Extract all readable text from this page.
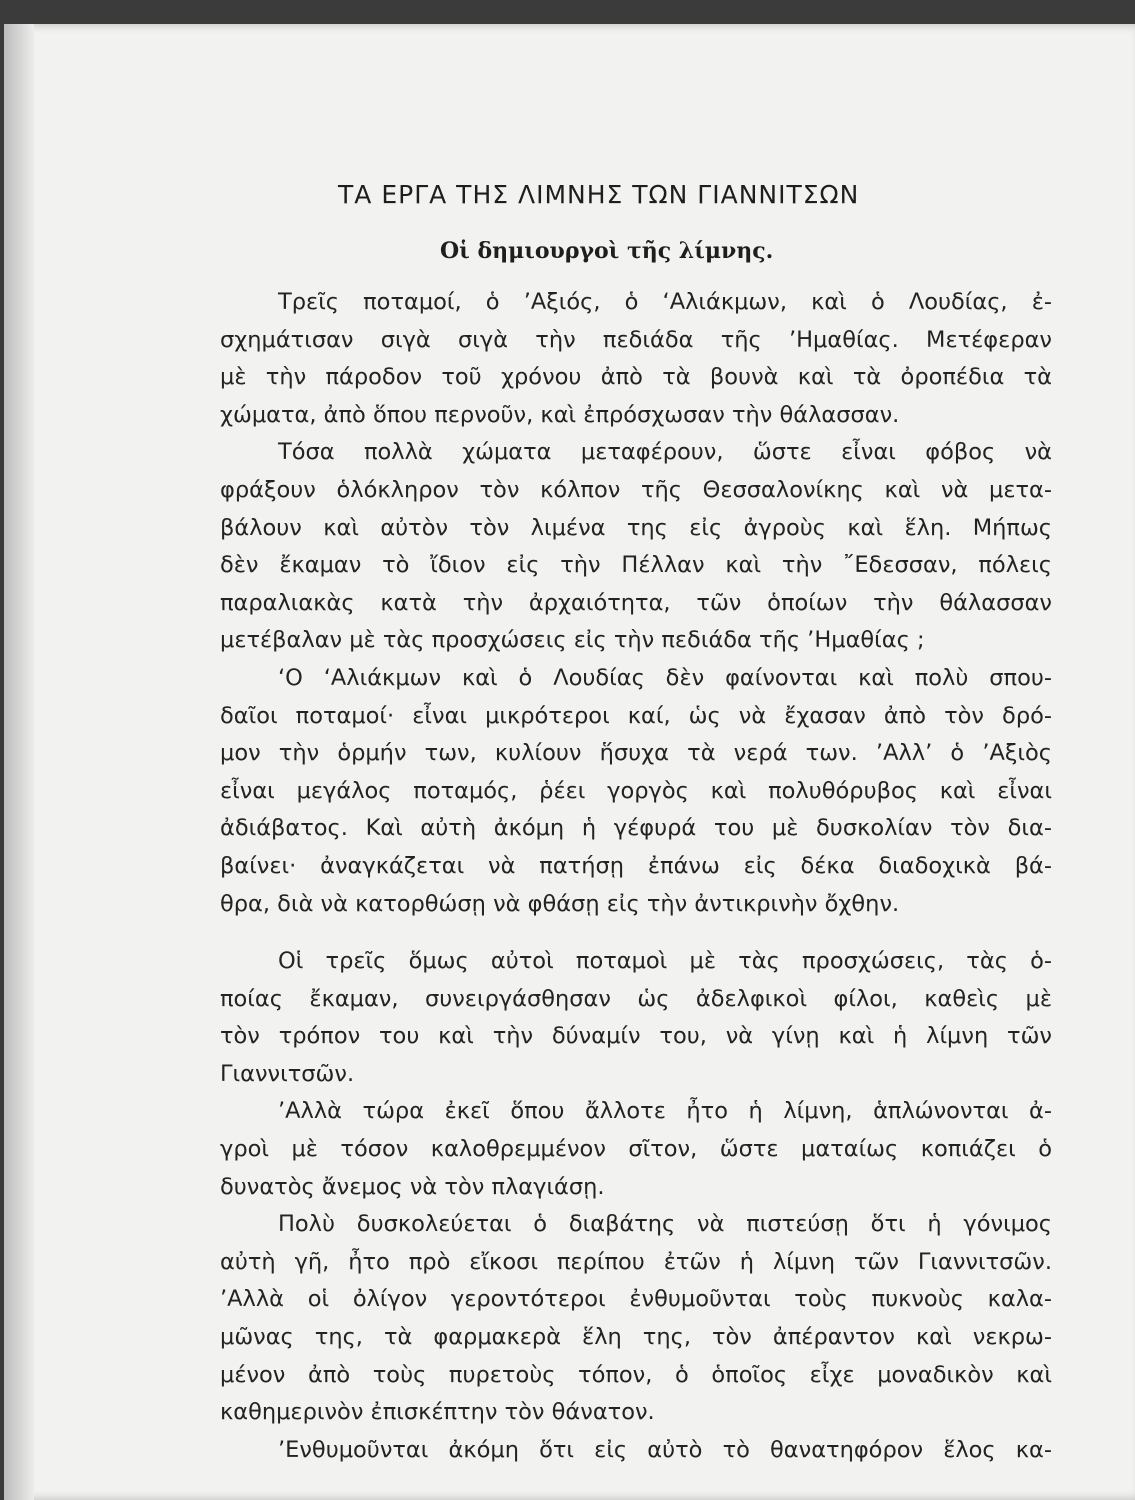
ΤΑ ΕΡΓΑ ΤΗΣ ΛΙΜΝΗΣ ΤΩΝ ΓΙΑΝΝΙΤΣΩΝ
Οἱ δημιουργοὶ τῆς λίμνης.
Τρεῖς ποταμοί, ὁ ’Αξιός, ὁ ‘Αλιάκμων, καὶ ὁ Λουδίας, ἐ-
σχημάτισαν σιγὰ σιγὰ τὴν πεδιάδα τῆς ’Ημαθίας. Μετέφεραν
μὲ τὴν πάροδον τοῦ χρόνου ἀπὸ τὰ βουνὰ καὶ τὰ ὀροπέδια τὰ
χώματα, ἀπὸ ὅπου περνοῦν, καὶ ἐπρόσχωσαν τὴν θάλασσαν.
Τόσα πολλὰ χώματα μεταφέρουν, ὥστε εἶναι φόβος νὰ
φράξουν ὁλόκληρον τὸν κόλπον τῆς Θεσσαλονίκης καὶ νὰ μετα-
βάλουν καὶ αὐτὸν τὸν λιμένα της εἰς ἀγροὺς καὶ ἕλη. Μήπως
δὲν ἔκαμαν τὸ ἴδιον εἰς τὴν Πέλλαν καὶ τὴν ῎Εδεσσαν, πόλεις
παραλιακὰς κατὰ τὴν ἀρχαιότητα, τῶν ὁποίων τὴν θάλασσαν
μετέβαλαν μὲ τὰς προσχώσεις εἰς τὴν πεδιάδα τῆς ’Ημαθίας ;
‘Ο ‘Αλιάκμων καὶ ὁ Λουδίας δὲν φαίνονται καὶ πολὺ σπου-
δαῖοι ποταμοί· εἶναι μικρότεροι καί, ὡς νὰ ἔχασαν ἀπὸ τὸν δρό-
μον τὴν ὁρμήν των, κυλίουν ἥσυχα τὰ νερά των. ’Αλλ’ ὁ ’Αξιὸς
εἶναι μεγάλος ποταμός, ῥέει γοργὸς καὶ πολυθόρυβος καὶ εἶναι
ἀδιάβατος. Καὶ αὐτὴ ἀκόμη ἡ γέφυρά του μὲ δυσκολίαν τὸν δια-
βαίνει· ἀναγκάζεται νὰ πατήσῃ ἐπάνω εἰς δέκα διαδοχικὰ βά-
θρα, διὰ νὰ κατορθώσῃ νὰ φθάσῃ εἰς τὴν ἀντικρινὴν ὄχθην.
Οἱ τρεῖς ὅμως αὐτοὶ ποταμοὶ μὲ τὰς προσχώσεις, τὰς ὁ-
ποίας ἔκαμαν, συνειργάσθησαν ὡς ἀδελφικοὶ φίλοι, καθεὶς μὲ
τὸν τρόπον του καὶ τὴν δύναμίν του, νὰ γίνῃ καὶ ἡ λίμνη τῶν
Γιαννιτσῶν.
’Αλλὰ τώρα ἐκεῖ ὅπου ἄλλοτε ἦτο ἡ λίμνη, ἁπλώνονται ἀ-
γροὶ μὲ τόσον καλοθρεμμένον σῖτον, ὥστε ματαίως κοπιάζει ὁ
δυνατὸς ἄνεμος νὰ τὸν πλαγιάσῃ.
Πολὺ δυσκολεύεται ὁ διαβάτης νὰ πιστεύσῃ ὅτι ἡ γόνιμος
αὐτὴ γῆ, ἦτο πρὸ εἴκοσι περίπου ἐτῶν ἡ λίμνη τῶν Γιαννιτσῶν.
’Αλλὰ οἱ ὀλίγον γεροντότεροι ἐνθυμοῦνται τοὺς πυκνοὺς καλα-
μῶνας της, τὰ φαρμακερὰ ἕλη της, τὸν ἀπέραντον καὶ νεκρω-
μένον ἀπὸ τοὺς πυρετοὺς τόπον, ὁ ὁποῖος εἶχε μοναδικὸν καὶ
καθημερινὸν ἐπισκέπτην τὸν θάνατον.
’Ενθυμοῦνται ἀκόμη ὅτι εἰς αὐτὸ τὸ θανατηφόρον ἕλος κα-
